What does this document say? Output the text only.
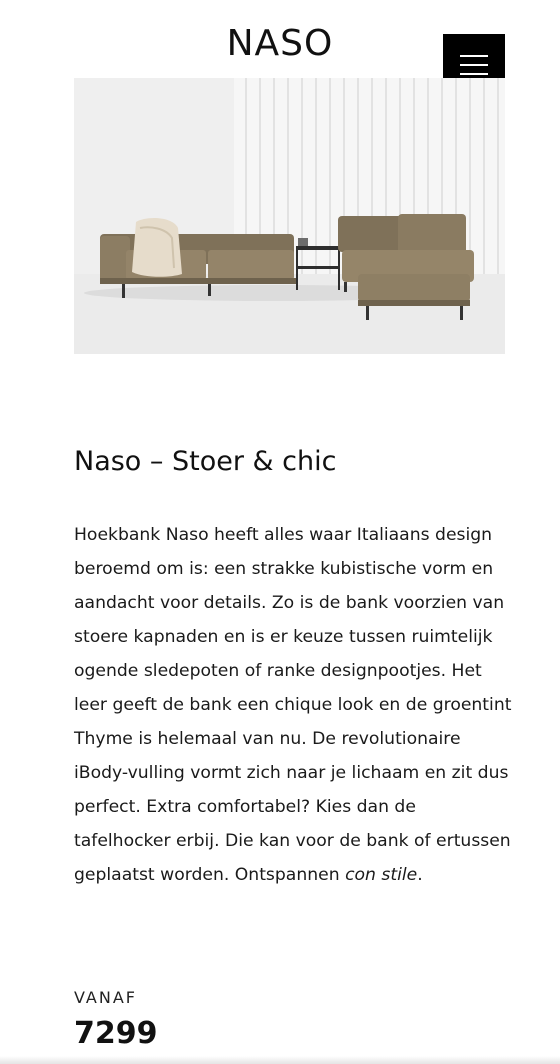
NASO
Naso – Stoer & chic

Hoekbank Naso heeft alles waar Italiaans design beroemd om is: een strakke kubistische vorm en aandacht voor details. Zo is de bank voorzien van stoere kapnaden en is er keuze tussen ruimtelijk ogende sledepoten of ranke designpootjes. Het leer geeft de bank een chique look en de groentint Thyme is helemaal van nu. De revolutionaire iBody-vulling vormt zich naar je lichaam en zit dus perfect. Extra comfortabel? Kies dan de tafelhocker erbij. Die kan voor de bank of ertussen geplaatst worden. Ontspannen con stile.

VANAF
7299
